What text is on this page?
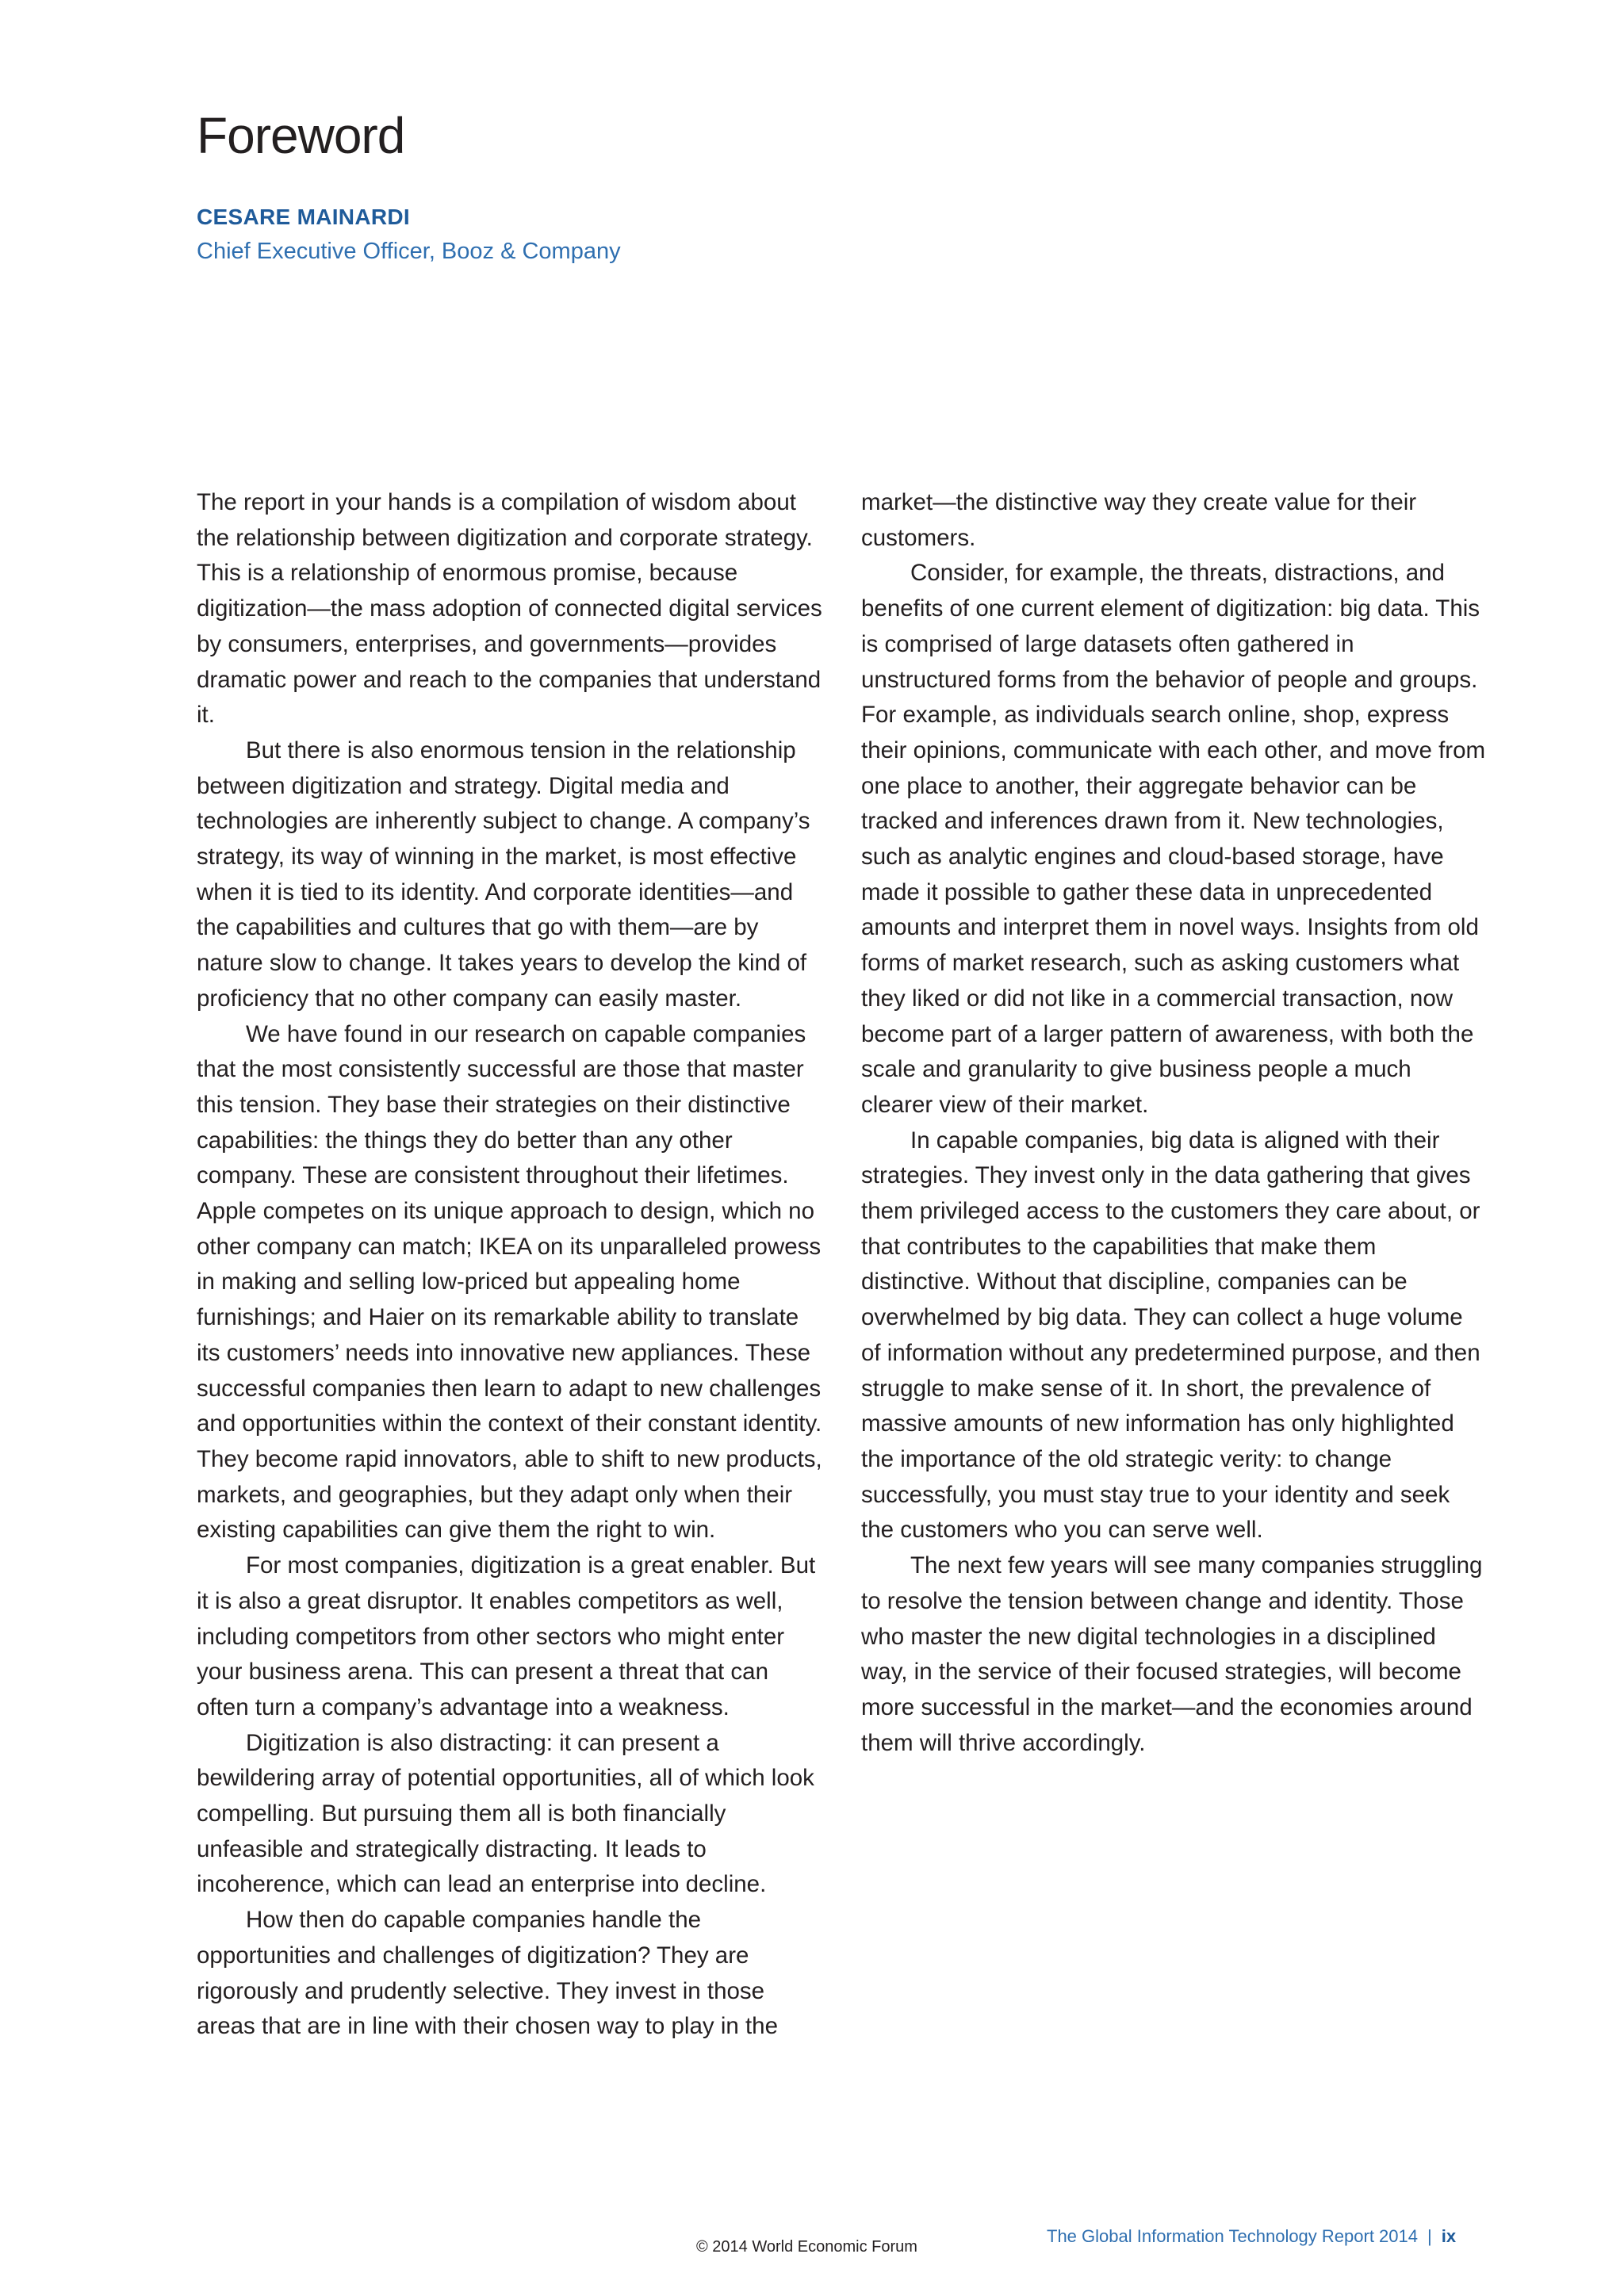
Foreword
CESARE MAINARDI
Chief Executive Officer, Booz & Company

The report in your hands is a compilation of wisdom about the relationship between digitization and corporate strategy. This is a relationship of enormous promise, because digitization—the mass adoption of connected digital services by consumers, enterprises, and governments—provides dramatic power and reach to the companies that understand it.

But there is also enormous tension in the relationship between digitization and strategy. Digital media and technologies are inherently subject to change. A company’s strategy, its way of winning in the market, is most effective when it is tied to its identity. And corporate identities—and the capabilities and cultures that go with them—are by nature slow to change. It takes years to develop the kind of proficiency that no other company can easily master.

We have found in our research on capable companies that the most consistently successful are those that master this tension. They base their strategies on their distinctive capabilities: the things they do better than any other company. These are consistent throughout their lifetimes. Apple competes on its unique approach to design, which no other company can match; IKEA on its unparalleled prowess in making and selling low-priced but appealing home furnishings; and Haier on its remarkable ability to translate its customers’ needs into innovative new appliances. These successful companies then learn to adapt to new challenges and opportunities within the context of their constant identity. They become rapid innovators, able to shift to new products, markets, and geographies, but they adapt only when their existing capabilities can give them the right to win.

For most companies, digitization is a great enabler. But it is also a great disruptor. It enables competitors as well, including competitors from other sectors who might enter your business arena. This can present a threat that can often turn a company’s advantage into a weakness.

Digitization is also distracting: it can present a bewildering array of potential opportunities, all of which look compelling. But pursuing them all is both financially unfeasible and strategically distracting. It leads to incoherence, which can lead an enterprise into decline.

How then do capable companies handle the opportunities and challenges of digitization? They are rigorously and prudently selective. They invest in those areas that are in line with their chosen way to play in the

market—the distinctive way they create value for their customers.

Consider, for example, the threats, distractions, and benefits of one current element of digitization: big data. This is comprised of large datasets often gathered in unstructured forms from the behavior of people and groups. For example, as individuals search online, shop, express their opinions, communicate with each other, and move from one place to another, their aggregate behavior can be tracked and inferences drawn from it. New technologies, such as analytic engines and cloud-based storage, have made it possible to gather these data in unprecedented amounts and interpret them in novel ways. Insights from old forms of market research, such as asking customers what they liked or did not like in a commercial transaction, now become part of a larger pattern of awareness, with both the scale and granularity to give business people a much clearer view of their market.

In capable companies, big data is aligned with their strategies. They invest only in the data gathering that gives them privileged access to the customers they care about, or that contributes to the capabilities that make them distinctive. Without that discipline, companies can be overwhelmed by big data. They can collect a huge volume of information without any predetermined purpose, and then struggle to make sense of it. In short, the prevalence of massive amounts of new information has only highlighted the importance of the old strategic verity: to change successfully, you must stay true to your identity and seek the customers who you can serve well.

The next few years will see many companies struggling to resolve the tension between change and identity. Those who master the new digital technologies in a disciplined way, in the service of their focused strategies, will become more successful in the market—and the economies around them will thrive accordingly.

© 2014 World Economic Forum
The Global Information Technology Report 2014 | ix
